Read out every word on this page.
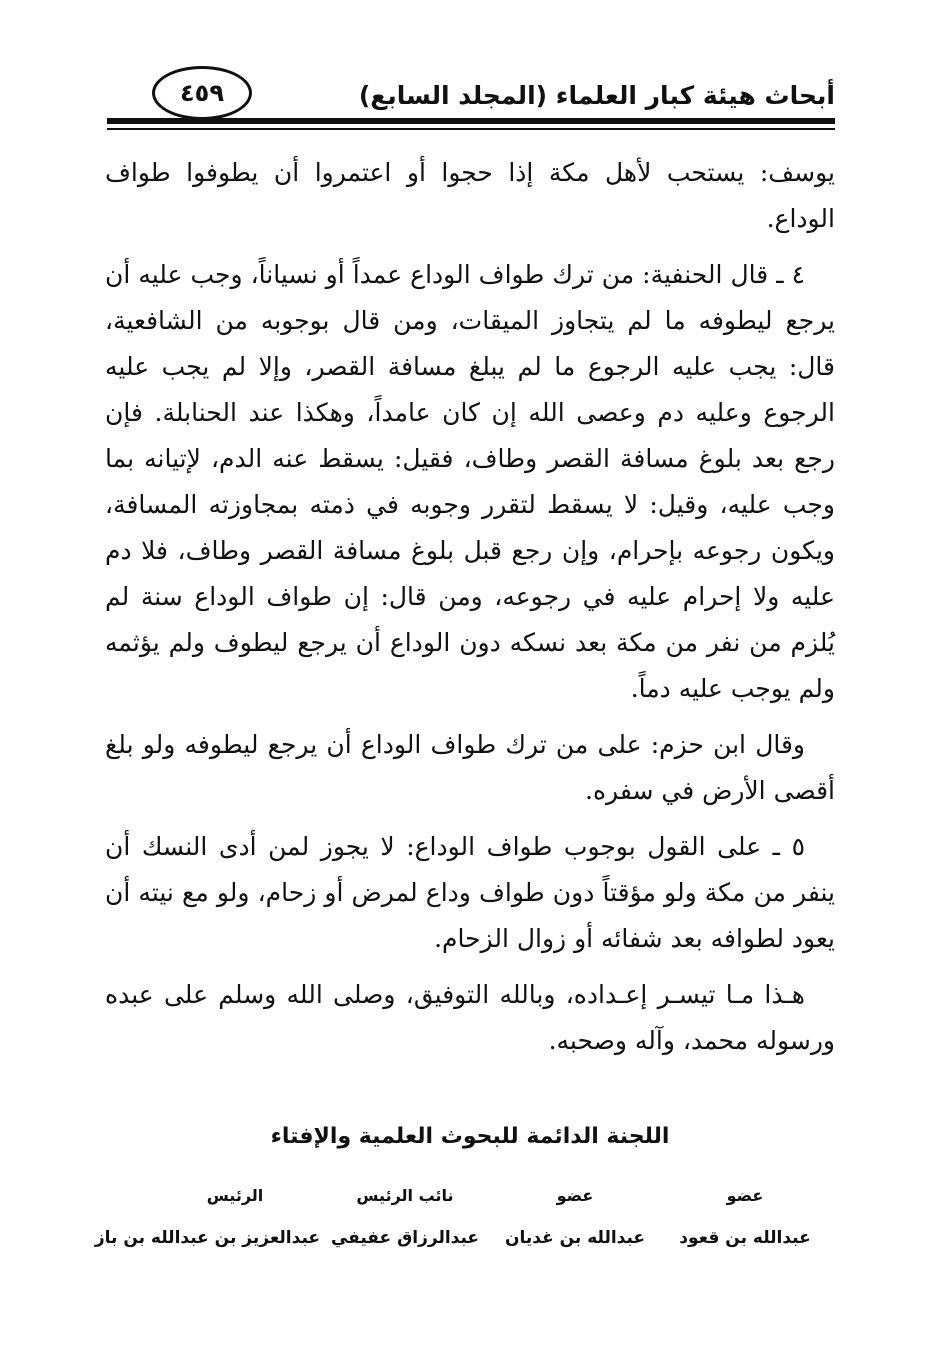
أبحاث هيئة كبار العلماء (المجلد السابع)
٤٥٩

يوسف: يستحب لأهل مكة إذا حجوا أو اعتمروا أن يطوفوا طواف الوداع.

٤ ـ قال الحنفية: من ترك طواف الوداع عمداً أو نسياناً، وجب عليه أن يرجع ليطوفه ما لم يتجاوز الميقات، ومن قال بوجوبه من الشافعية، قال: يجب عليه الرجوع ما لم يبلغ مسافة القصر، وإلا لم يجب عليه الرجوع وعليه دم وعصى الله إن كان عامداً، وهكذا عند الحنابلة. فإن رجع بعد بلوغ مسافة القصر وطاف، فقيل: يسقط عنه الدم، لإتيانه بما وجب عليه، وقيل: لا يسقط لتقرر وجوبه في ذمته بمجاوزته المسافة، ويكون رجوعه بإحرام، وإن رجع قبل بلوغ مسافة القصر وطاف، فلا دم عليه ولا إحرام عليه في رجوعه، ومن قال: إن طواف الوداع سنة لم يُلزم من نفر من مكة بعد نسكه دون الوداع أن يرجع ليطوف ولم يؤثمه ولم يوجب عليه دماً.

وقال ابن حزم: على من ترك طواف الوداع أن يرجع ليطوفه ولو بلغ أقصى الأرض في سفره.

٥ ـ على القول بوجوب طواف الوداع: لا يجوز لمن أدى النسك أن ينفر من مكة ولو مؤقتاً دون طواف وداع لمرض أو زحام، ولو مع نيته أن يعود لطوافه بعد شفائه أو زوال الزحام.

هـذا مـا تيسـر إعـداده، وبالله التوفيق، وصلى الله وسلم على عبده ورسوله محمد، وآله وصحبه.

اللجنة الدائمة للبحوث العلمية والإفتاء
عضو
عضو
نائب الرئيس
الرئيس
عبدالله بن قعود
عبدالله بن غديان
عبدالرزاق عفيفي
عبدالعزيز بن عبدالله بن باز
